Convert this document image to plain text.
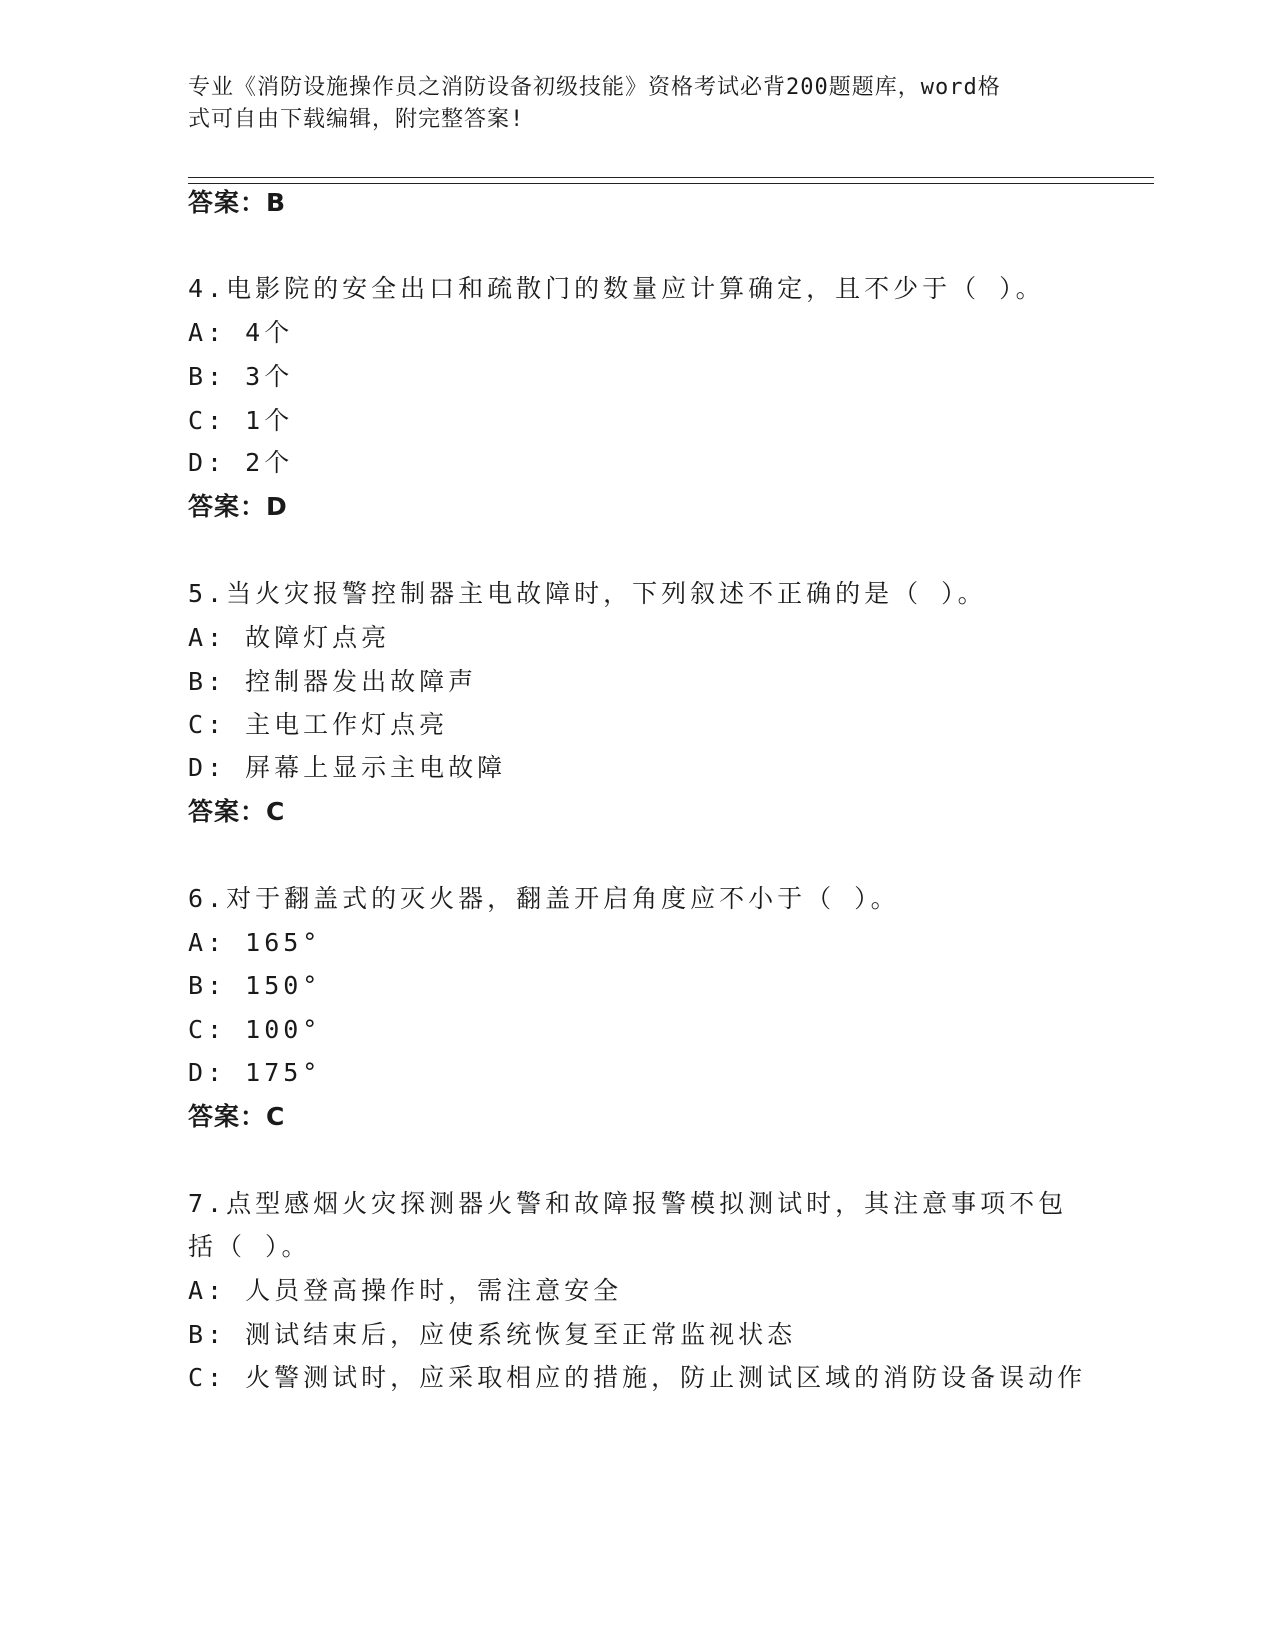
专业《消防设施操作员之消防设备初级技能》资格考试必背200题题库，word格
式可自由下载编辑，附完整答案!
答案：B
4.电影院的安全出口和疏散门的数量应计算确定，且不少于（ ）。
A: 4个
B: 3个
C: 1个
D: 2个
答案：D
5.当火灾报警控制器主电故障时，下列叙述不正确的是（ ）。
A: 故障灯点亮
B: 控制器发出故障声
C: 主电工作灯点亮
D: 屏幕上显示主电故障
答案：C
6.对于翻盖式的灭火器，翻盖开启角度应不小于（ ）。
A: 165°
B: 150°
C: 100°
D: 175°
答案：C
7.点型感烟火灾探测器火警和故障报警模拟测试时，其注意事项不包
括（ ）。
A: 人员登高操作时，需注意安全
B: 测试结束后，应使系统恢复至正常监视状态
C: 火警测试时，应采取相应的措施，防止测试区域的消防设备误动作
